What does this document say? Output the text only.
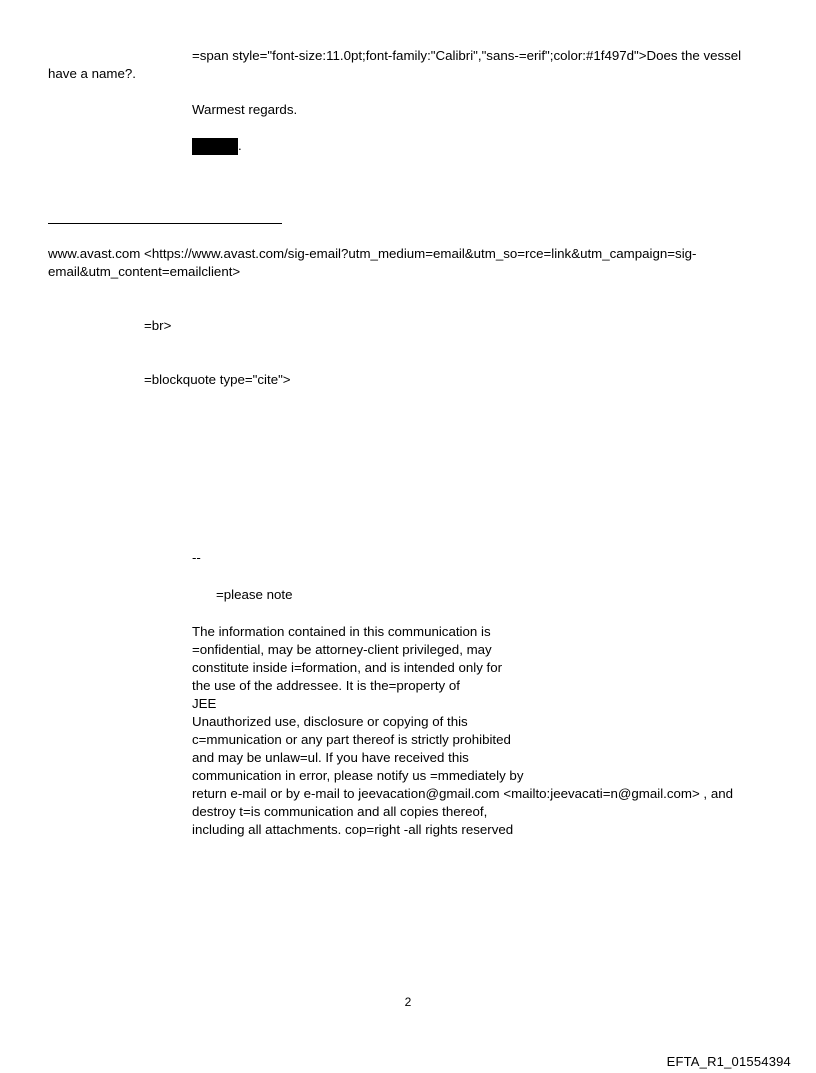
=span style="font-size:11.0pt;font-family:"Calibri","sans-=erif";color:#1f497d">Does the vessel
have a name?.
Warmest regards.
.
www.avast.com <https://www.avast.com/sig-email?utm_medium=email&utm_so=rce=link&utm_campaign=sig-
email&utm_content=emailclient>
=br>
=blockquote type="cite">
--
=please note
The information contained in this communication is
=onfidential, may be attorney-client privileged, may
constitute inside i=formation, and is intended only for
the use of the addressee. It is the=property of
JEE
Unauthorized use, disclosure or copying of this
c=mmunication or any part thereof is strictly prohibited
and may be unlaw=ul. If you have received this
communication in error, please notify us =mmediately by
return e-mail or by e-mail to jeevacation@gmail.com <mailto:jeevacati=n@gmail.com> , and
destroy t=is communication and all copies thereof,
including all attachments. cop=right -all rights reserved
2
EFTA_R1_01554394
